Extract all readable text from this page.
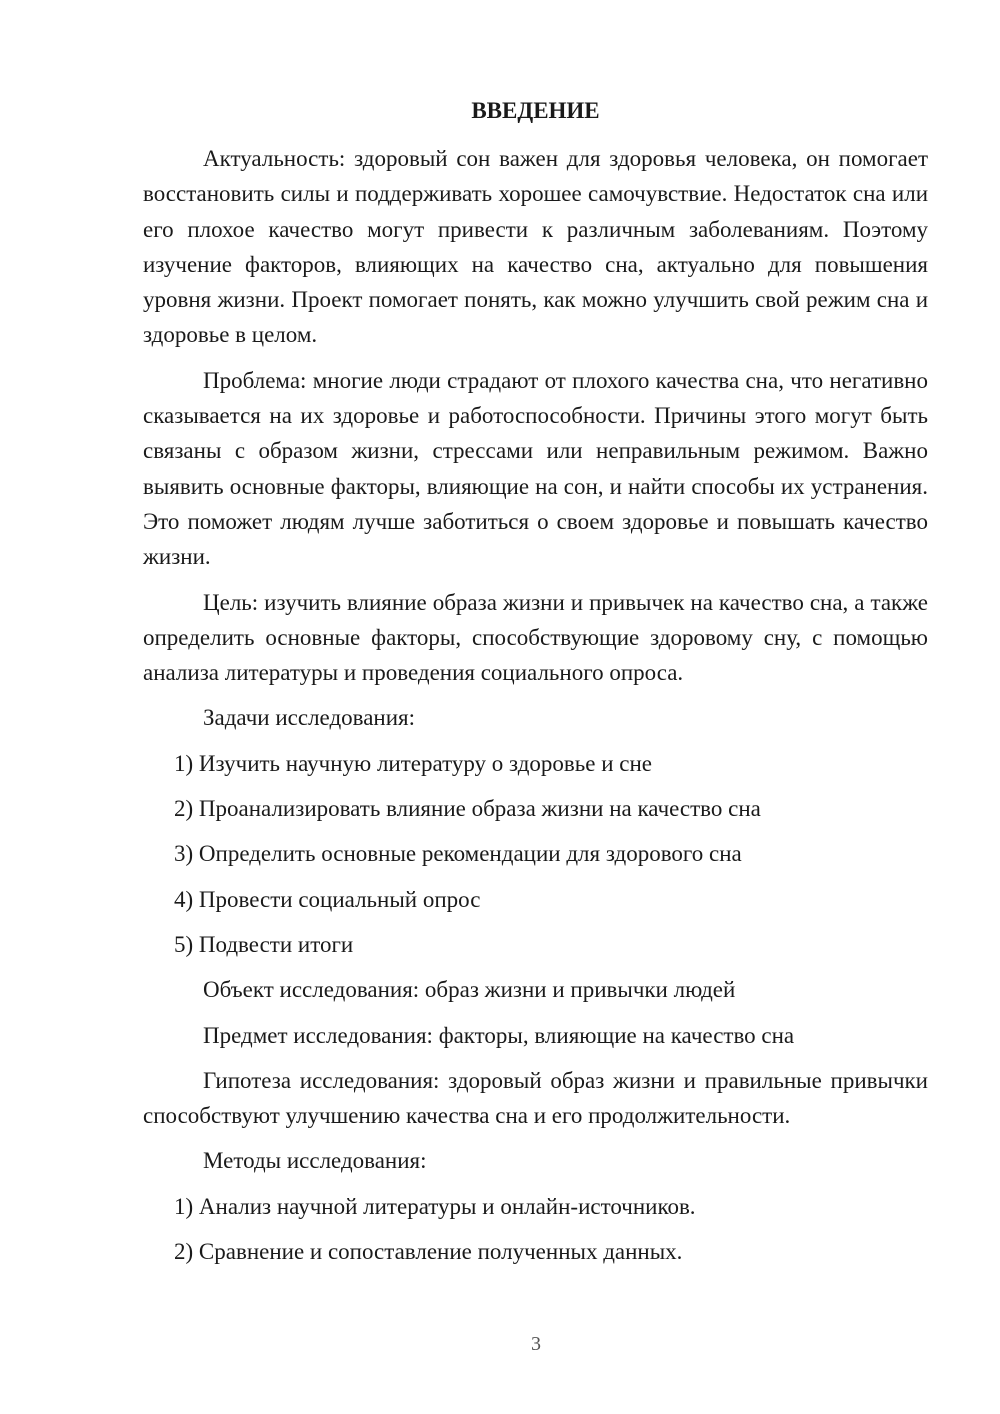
ВВЕДЕНИЕ

Актуальность: здоровый сон важен для здоровья человека, он помогает восстановить силы и поддерживать хорошее самочувствие. Недостаток сна или его плохое качество могут привести к различным заболеваниям. Поэтому изучение факторов, влияющих на качество сна, актуально для повышения уровня жизни. Проект помогает понять, как можно улучшить свой режим сна и здоровье в целом.

Проблема: многие люди страдают от плохого качества сна, что негативно сказывается на их здоровье и работоспособности. Причины этого могут быть связаны с образом жизни, стрессами или неправильным режимом. Важно выявить основные факторы, влияющие на сон, и найти способы их устранения. Это поможет людям лучше заботиться о своем здоровье и повышать качество жизни.

Цель: изучить влияние образа жизни и привычек на качество сна, а также определить основные факторы, способствующие здоровому сну, с помощью анализа литературы и проведения социального опроса.

Задачи исследования:

1) Изучить научную литературу о здоровье и сне

2) Проанализировать влияние образа жизни на качество сна

3) Определить основные рекомендации для здорового сна

4) Провести социальный опрос

5) Подвести итоги

Объект исследования: образ жизни и привычки людей

Предмет исследования: факторы, влияющие на качество сна

Гипотеза исследования: здоровый образ жизни и правильные привычки способствуют улучшению качества сна и его продолжительности.

Методы исследования:

1) Анализ научной литературы и онлайн-источников.

2) Сравнение и сопоставление полученных данных.

3
